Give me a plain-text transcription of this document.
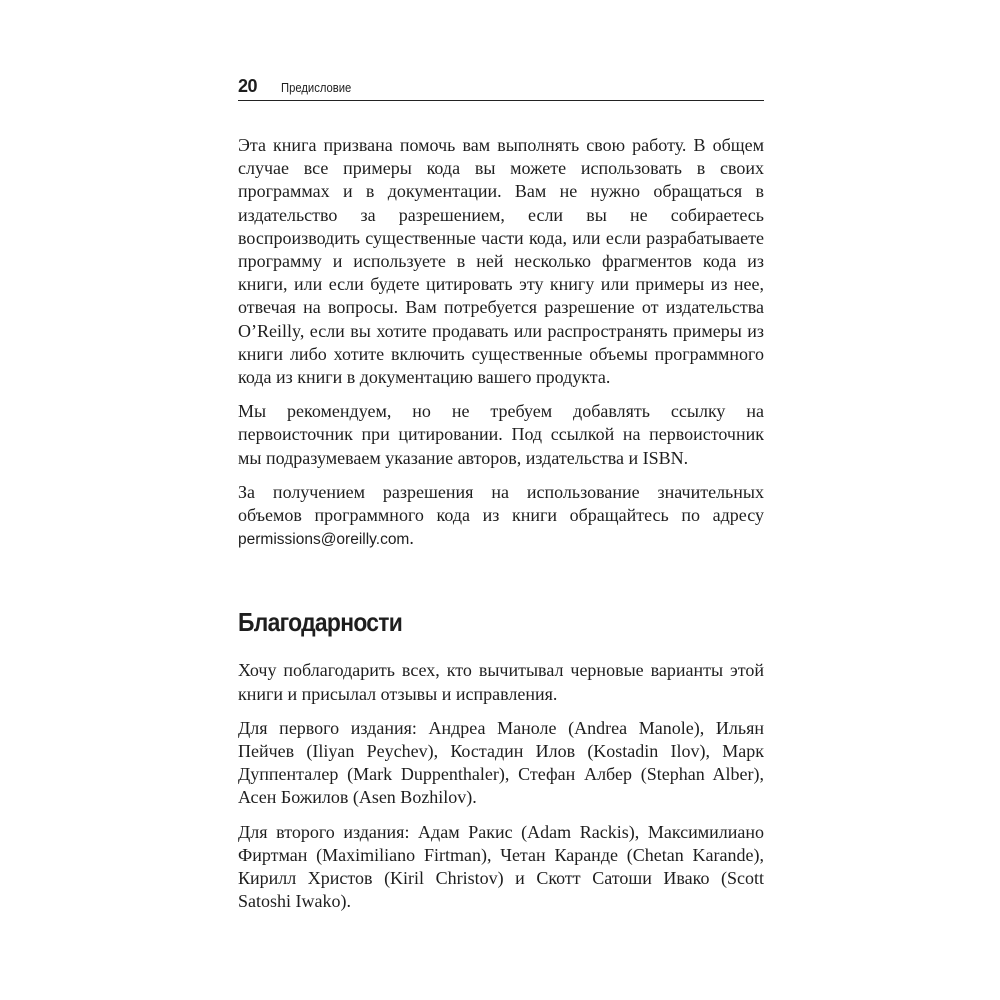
20 Предисловие

Эта книга призвана помочь вам выполнять свою работу. В общем случае все примеры кода вы можете использовать в своих программах и в документации. Вам не нужно обращаться в издательство за разрешением, если вы не собираетесь воспроизводить существенные части кода, или если разрабатываете программу и используете в ней несколько фрагментов кода из книги, или если будете цитировать эту книгу или примеры из нее, отвечая на вопросы. Вам потребуется разрешение от издательства O’Reilly, если вы хотите продавать или распространять примеры из книги либо хотите включить существенные объемы программного кода из книги в документацию вашего продукта.

Мы рекомендуем, но не требуем добавлять ссылку на первоисточник при цитировании. Под ссылкой на первоисточник мы подразумеваем указание авторов, издательства и ISBN.

За получением разрешения на использование значительных объемов программного кода из книги обращайтесь по адресу permissions@oreilly.com.

Благодарности

Хочу поблагодарить всех, кто вычитывал черновые варианты этой книги и присылал отзывы и исправления.

Для первого издания: Андреа Маноле (Andrea Manole), Ильян Пейчев (Iliyan Peychev), Костадин Илов (Kostadin Ilov), Марк Дуппенталер (Mark Duppenthaler), Стефан Албер (Stephan Alber), Асен Божилов (Asen Bozhilov).

Для второго издания: Адам Ракис (Adam Rackis), Максимилиано Фиртман (Maximiliano Firtman), Четан Каранде (Chetan Karande), Кирилл Христов (Kiril Christov) и Скотт Сатоши Ивако (Scott Satoshi Iwako).
